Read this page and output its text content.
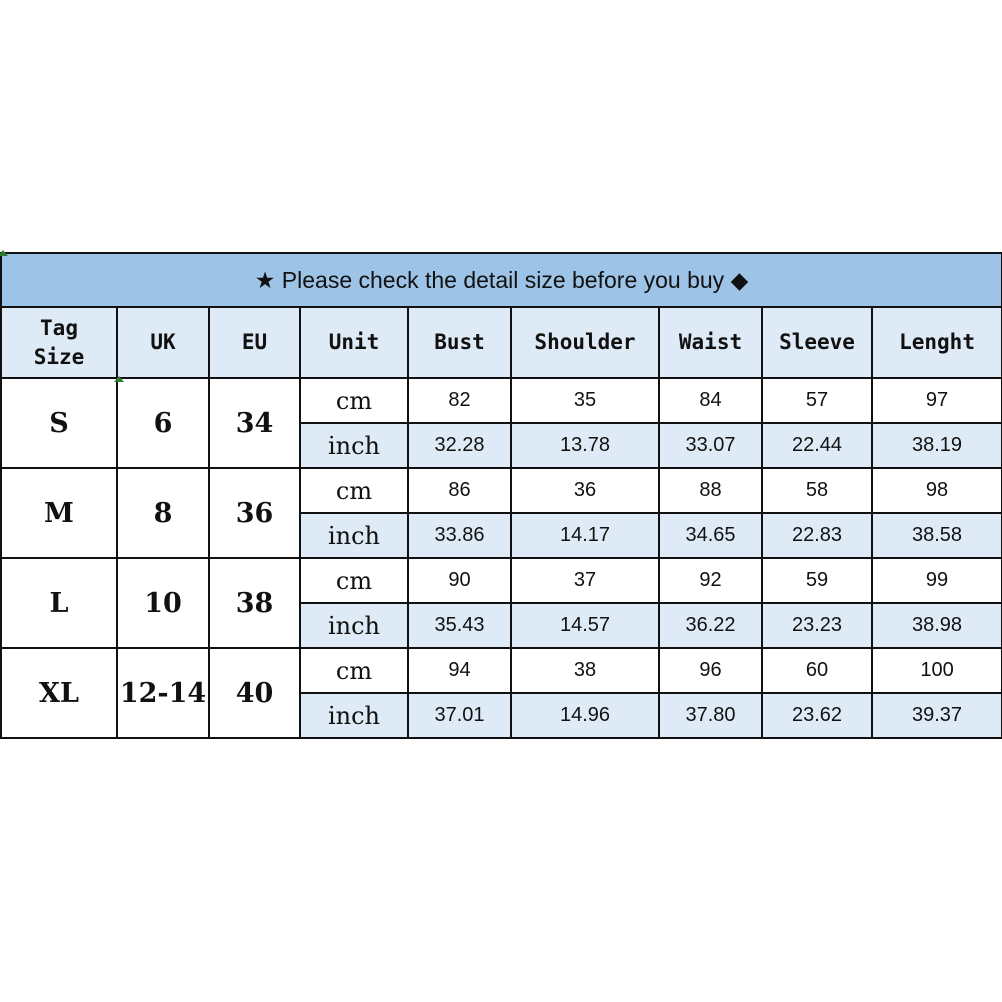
★ Please check the detail size before you buy ◆								
Tag
Size	UK	EU	Unit	Bust	Shoulder	Waist	Sleeve	Lenght
S	6	34	cm	82	35	84	57	97
			inch	32.28	13.78	33.07	22.44	38.19
M	8	36	cm	86	36	88	58	98
			inch	33.86	14.17	34.65	22.83	38.58
L	10	38	cm	90	37	92	59	99
			inch	35.43	14.57	36.22	23.23	38.98
XL	12-14	40	cm	94	38	96	60	100
			inch	37.01	14.96	37.80	23.62	39.37
